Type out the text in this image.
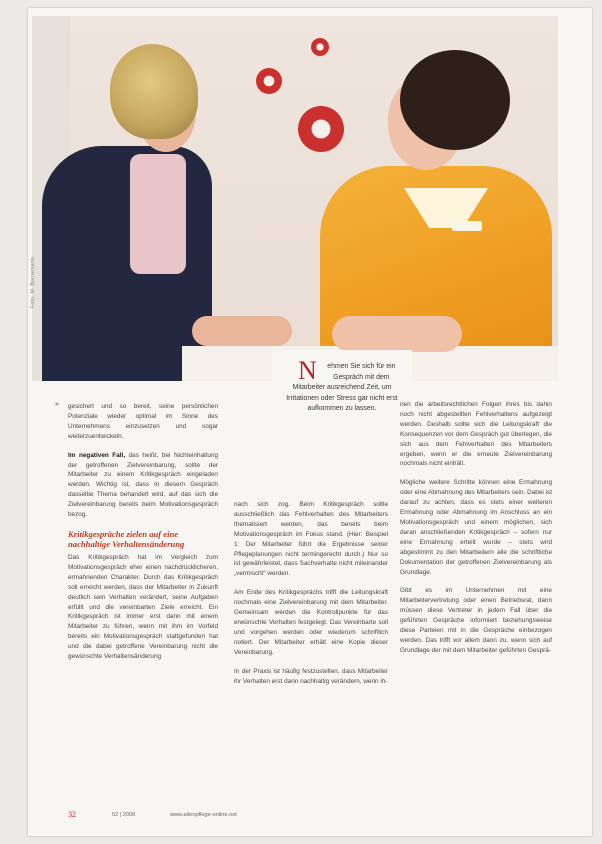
Foto: M. Bornemann
N ehmen Sie sich für ein Gespräch mit dem Mitarbeiter ausreichend Zeit, um Irritationen oder Stress gar nicht erst aufkommen zu lassen.
» gesichert und so bereit, seine persönlichen Potenziale wieder optimal im Sinne des Unternehmens einzusetzen und sogar weiterzuentwickeln.

Im negativen Fall, das heißt, bei Nichteinhaltung der getroffenen Zielvereinbarung, sollte der Mitarbeiter zu einem Kritikgespräch eingeladen werden. Wichtig ist, dass in diesem Gespräch dasselbe Thema behandelt wird, auf das sich die Zielvereinbarung bereits beim Motivationsgespräch bezog.

Kritikgespräche zielen auf eine nachhaltige Verhaltensänderung

Das Kritikgespräch hat im Vergleich zum Motivationsgespräch eher einen nachdrücklicheren, ermahnenden Charakter. Durch das Kritikgespräch soll erreicht werden, dass der Mitarbeiter in Zukunft deutlich sein Verhalten verändert, seine Aufgaben erfüllt und die vereinbarten Ziele erreicht. Ein Kritikgespräch ist immer erst dann mit einem Mitarbeiter zu führen, wenn mit ihm im Vorfeld bereits ein Motivationsgespräch stattgefunden hat und die dabei getroffene Vereinbarung nicht die gewünschte Verhaltensänderung

nach sich zog. Beim Kritikgespräch sollte ausschließlich das Fehlverhalten des Mitarbeiters thematisiert werden, das bereits beim Motivationsgespräch im Fokus stand. (Hier: Beispiel 1: Der Mitarbeiter führt die Ergebnisse seiner Pflegeplanungen nicht termingerecht durch.) Nur so ist gewährleistet, dass Sachverhalte nicht miteinander „vermischt“ werden.

Am Ende des Kritikgesprächs trifft die Leitungskraft nochmals eine Zielvereinbarung mit dem Mitarbeiter. Gemeinsam werden die Kontrollpunkte für das erwünschte Verhalten festgelegt. Das Vereinbarte soll und vorgehen werden oder wiederum schriftlich notiert. Der Mitarbeiter erhält eine Kopie dieser Vereinbarung.

In der Praxis ist häufig festzustellen, dass Mitarbeiter ihr Verhalten erst dann nachhaltig verändern, wenn ih-

nen die arbeitsrechtlichen Folgen ihres bis dahin noch nicht abgestellten Fehlverhaltens aufgezeigt werden. Deshalb sollte sich die Leitungskraft die Konsequenzen vor dem Gespräch gut überlegen, die sich aus dem Fehlverhalten des Mitarbeiters ergeben, wenn er die erneute Zielvereinbarung nochmals nicht einhält.

Mögliche weitere Schritte können eine Ermahnung oder eine Abmahnung des Mitarbeiters sein. Dabei ist darauf zu achten, dass es stets einer weiteren Ermahnung oder Abmahnung im Anschluss an ein Motivationsgespräch und einem möglichen, sich daran anschließenden Kritikgespräch – sofern nur eine Ermahnung erteilt wurde – stets wird abgestimmt zu den Mitarbeitern alle die schriftliche Dokumentation der getroffenen Zielvereinbarung als Grundlage.

Gibt es im Unternehmen mit eine Mitarbeitervertretung oder einen Betriebsrat, dann müssen diese Vertreter in jedem Fall über die geführten Gespräche informiert beziehungsweise diese Parteien mit in die Gespräche einbezogen werden. Das trifft vor allem dann zu, wenn sich auf Grundlage der mit dem Mitarbeiter geführten Gesprä-

32	02 | 2008	www.altenpflege-online.net
